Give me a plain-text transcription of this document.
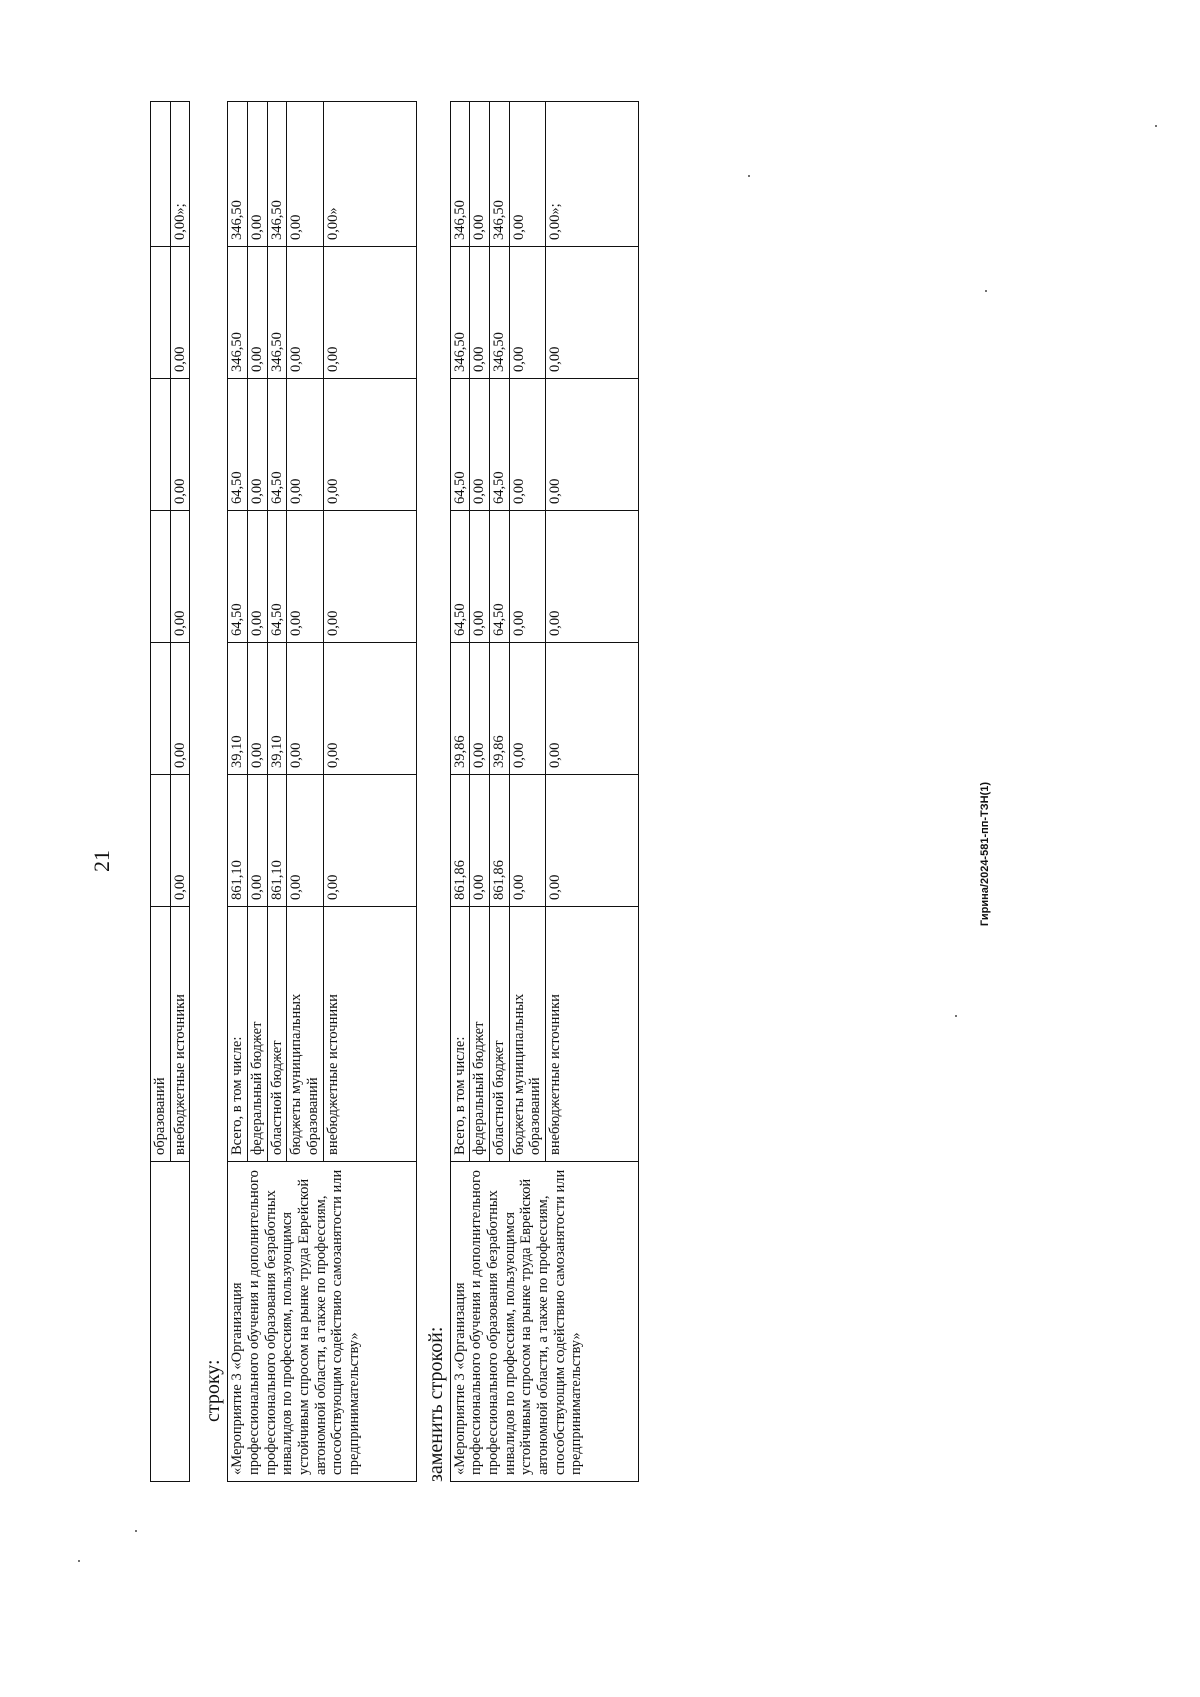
21	Гирина/2024-581-пп-ТЗН(1)
	образований						
	внебюджетные источники	0,00	0,00	0,00	0,00	0,00	0,00»;
строку: «Мероприятие 3 «Организация профессионального обучения и дополнительного профессионального образования безработных инвалидов по профессиям, пользующимся устойчивым спросом на рынке труда Еврейской автономной области, а также по профессиям, способствующим содействию самозанятости или предпринимательству»	Всего, в том числе:	861,10	39,10	64,50	64,50	346,50	346,50
	федеральный бюджет	0,00	0,00	0,00	0,00	0,00	0,00
	областной бюджет	861,10	39,10	64,50	64,50	346,50	346,50
	бюджеты муниципальных образований	0,00	0,00	0,00	0,00	0,00	0,00
	внебюджетные источники	0,00	0,00	0,00	0,00	0,00	0,00»
заменить строкой: «Мероприятие 3 «Организация профессионального обучения и дополнительного профессионального образования безработных инвалидов по профессиям, пользующимся устойчивым спросом на рынке труда Еврейской автономной области, а также по профессиям, способствующим содействию самозанятости или предпринимательству»	Всего, в том числе:	861,86	39,86	64,50	64,50	346,50	346,50
	федеральный бюджет	0,00	0,00	0,00	0,00	0,00	0,00
	областной бюджет	861,86	39,86	64,50	64,50	346,50	346,50
	бюджеты муниципальных образований	0,00	0,00	0,00	0,00	0,00	0,00
	внебюджетные источники	0,00	0,00	0,00	0,00	0,00	0,00»;
